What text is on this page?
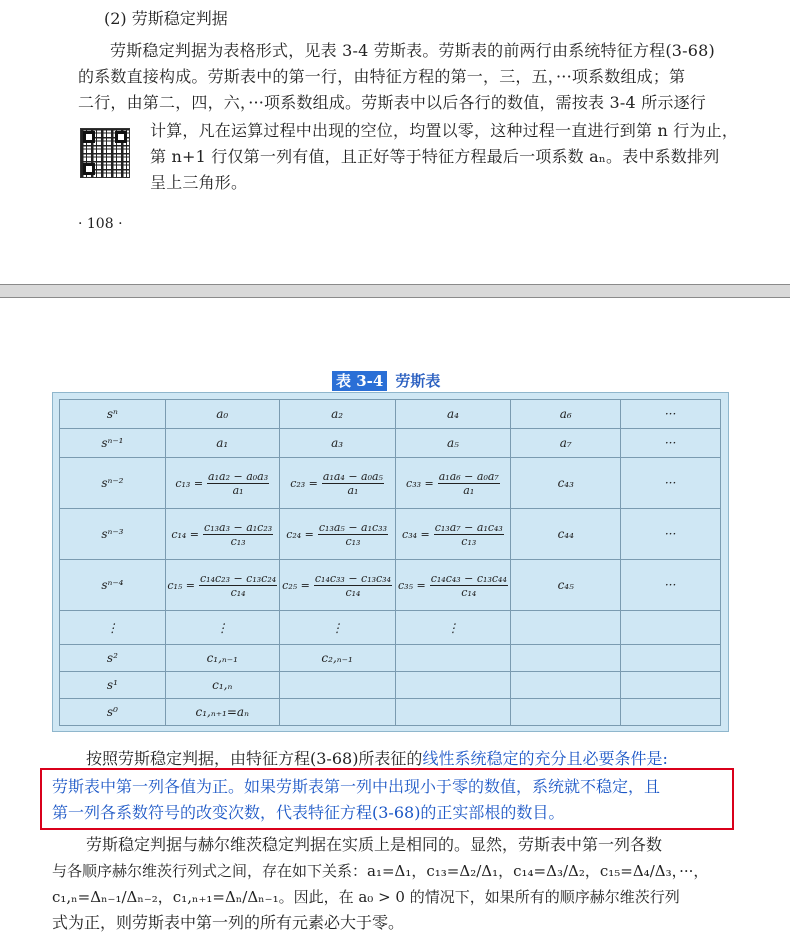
(2) 劳斯稳定判据
劳斯稳定判据为表格形式，见表 3-4 劳斯表。劳斯表的前两行由系统特征方程(3-68)
的系数直接构成。劳斯表中的第一行，由特征方程的第一，三，五，···项系数组成；第
二行，由第二，四，六，···项系数组成。劳斯表中以后各行的数值，需按表 3-4 所示逐行
计算，凡在运算过程中出现的空位，均置以零，这种过程一直进行到第 n 行为止，
第 n+1 行仅第一列有值，且正好等于特征方程最后一项系数 aₙ。表中系数排列
呈上三角形。
· 108 ·
表 3-4 劳斯表
sⁿ	a₀	a₂	a₄	a₆	···
sⁿ⁻¹	a₁	a₃	a₅	a₇	···
sⁿ⁻²	$c_{13} = \frac{\text{a₁a₂ − a₀a₃}}{\text{a₁}}$	$c_{23} = \frac{\text{a₁a₄ − a₀a₅}}{\text{a₁}}$	$c_{33} = \frac{\text{a₁a₆ − a₀a₇}}{\text{a₁}}$	c₄₃	···
sⁿ⁻³	$c_{14} = \frac{\text{c₁₃a₃ − a₁c₂₃}}{\text{c₁₃}}$	$c_{24} = \frac{\text{c₁₃a₅ − a₁c₃₃}}{\text{c₁₃}}$	$c_{34} = \frac{\text{c₁₃a₇ − a₁c₄₃}}{\text{c₁₃}}$	c₄₄	···
sⁿ⁻⁴	$c_{15} = \frac{\text{c₁₄c₂₃ − c₁₃c₂₄}}{\text{c₁₄}}$	$c_{25} = \frac{\text{c₁₄c₃₃ − c₁₃c₃₄}}{\text{c₁₄}}$	$c_{35} = \frac{\text{c₁₄c₄₃ − c₁₃c₄₄}}{\text{c₁₄}}$	c₄₅	···
⋮	⋮	⋮	⋮		
s²	c₁,ₙ₋₁	c₂,ₙ₋₁			
s¹	c₁,ₙ				
s⁰	c₁,ₙ₊₁=aₙ				
按照劳斯稳定判据，由特征方程(3-68)所表征的线性系统稳定的充分且必要条件是:
劳斯表中第一列各值为正。如果劳斯表第一列中出现小于零的数值，系统就不稳定，且
第一列各系数符号的改变次数，代表特征方程(3-68)的正实部根的数目。
劳斯稳定判据与赫尔维茨稳定判据在实质上是相同的。显然，劳斯表中第一列各数
与各顺序赫尔维茨行列式之间，存在如下关系：a₁=Δ₁，c₁₃=Δ₂/Δ₁，c₁₄=Δ₃/Δ₂，c₁₅=Δ₄/Δ₃，···，
c₁,ₙ=Δₙ₋₁/Δₙ₋₂，c₁,ₙ₊₁=Δₙ/Δₙ₋₁。因此，在 a₀ > 0 的情况下，如果所有的顺序赫尔维茨行列
式为正，则劳斯表中第一列的所有元素必大于零。
